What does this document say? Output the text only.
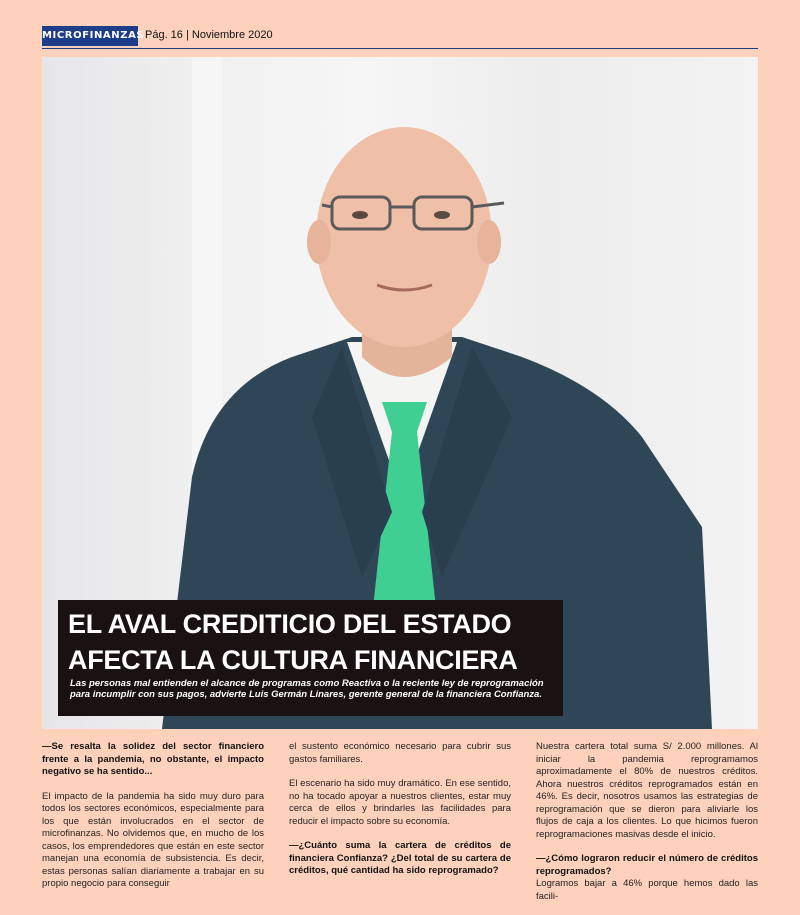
MICROFINANZAS Pág. 16 | Noviembre 2020
EL AVAL CREDITICIO DEL ESTADO
AFECTA LA CULTURA FINANCIERA
Las personas mal entienden el alcance de programas como Reactiva o la reciente ley de reprogramación para incumplir con sus pagos, advierte Luis Germán Linares, gerente general de la financiera Confianza.

—Se resalta la solidez del sector financiero frente a la pandemia, no obstante, el impacto negativo se ha sentido...

El impacto de la pandemia ha sido muy duro para todos los sectores económicos, especialmente para los que están involucrados en el sector de microfinanzas. No olvidemos que, en mucho de los casos, los emprendedores que están en este sector manejan una economía de subsistencia. Es decir, estas personas salían diariamente a trabajar en su propio negocio para conseguir

el sustento económico necesario para cubrir sus gastos familiares.

El escenario ha sido muy dramático. En ese sentido, no ha tocado apoyar a nuestros clientes, estar muy cerca de ellos y brindarles las facilidades para reducir el impacto sobre su economía.

—¿Cuánto suma la cartera de créditos de financiera Confianza? ¿Del total de su cartera de créditos, qué cantidad ha sido reprogramado?

Nuestra cartera total suma S/ 2.000 millones. Al iniciar la pandemia reprogramamos aproximadamente el 80% de nuestros créditos. Ahora nuestros créditos reprogramados están en 46%. Es decir, nosotros usamos las estrategias de reprogramación que se dieron para aliviarle los flujos de caja a los clientes. Lo que hicimos fueron reprogramaciones masivas desde el inicio.

—¿Cómo lograron reducir el número de créditos reprogramados?

Logramos bajar a 46% porque hemos dado las facili-
